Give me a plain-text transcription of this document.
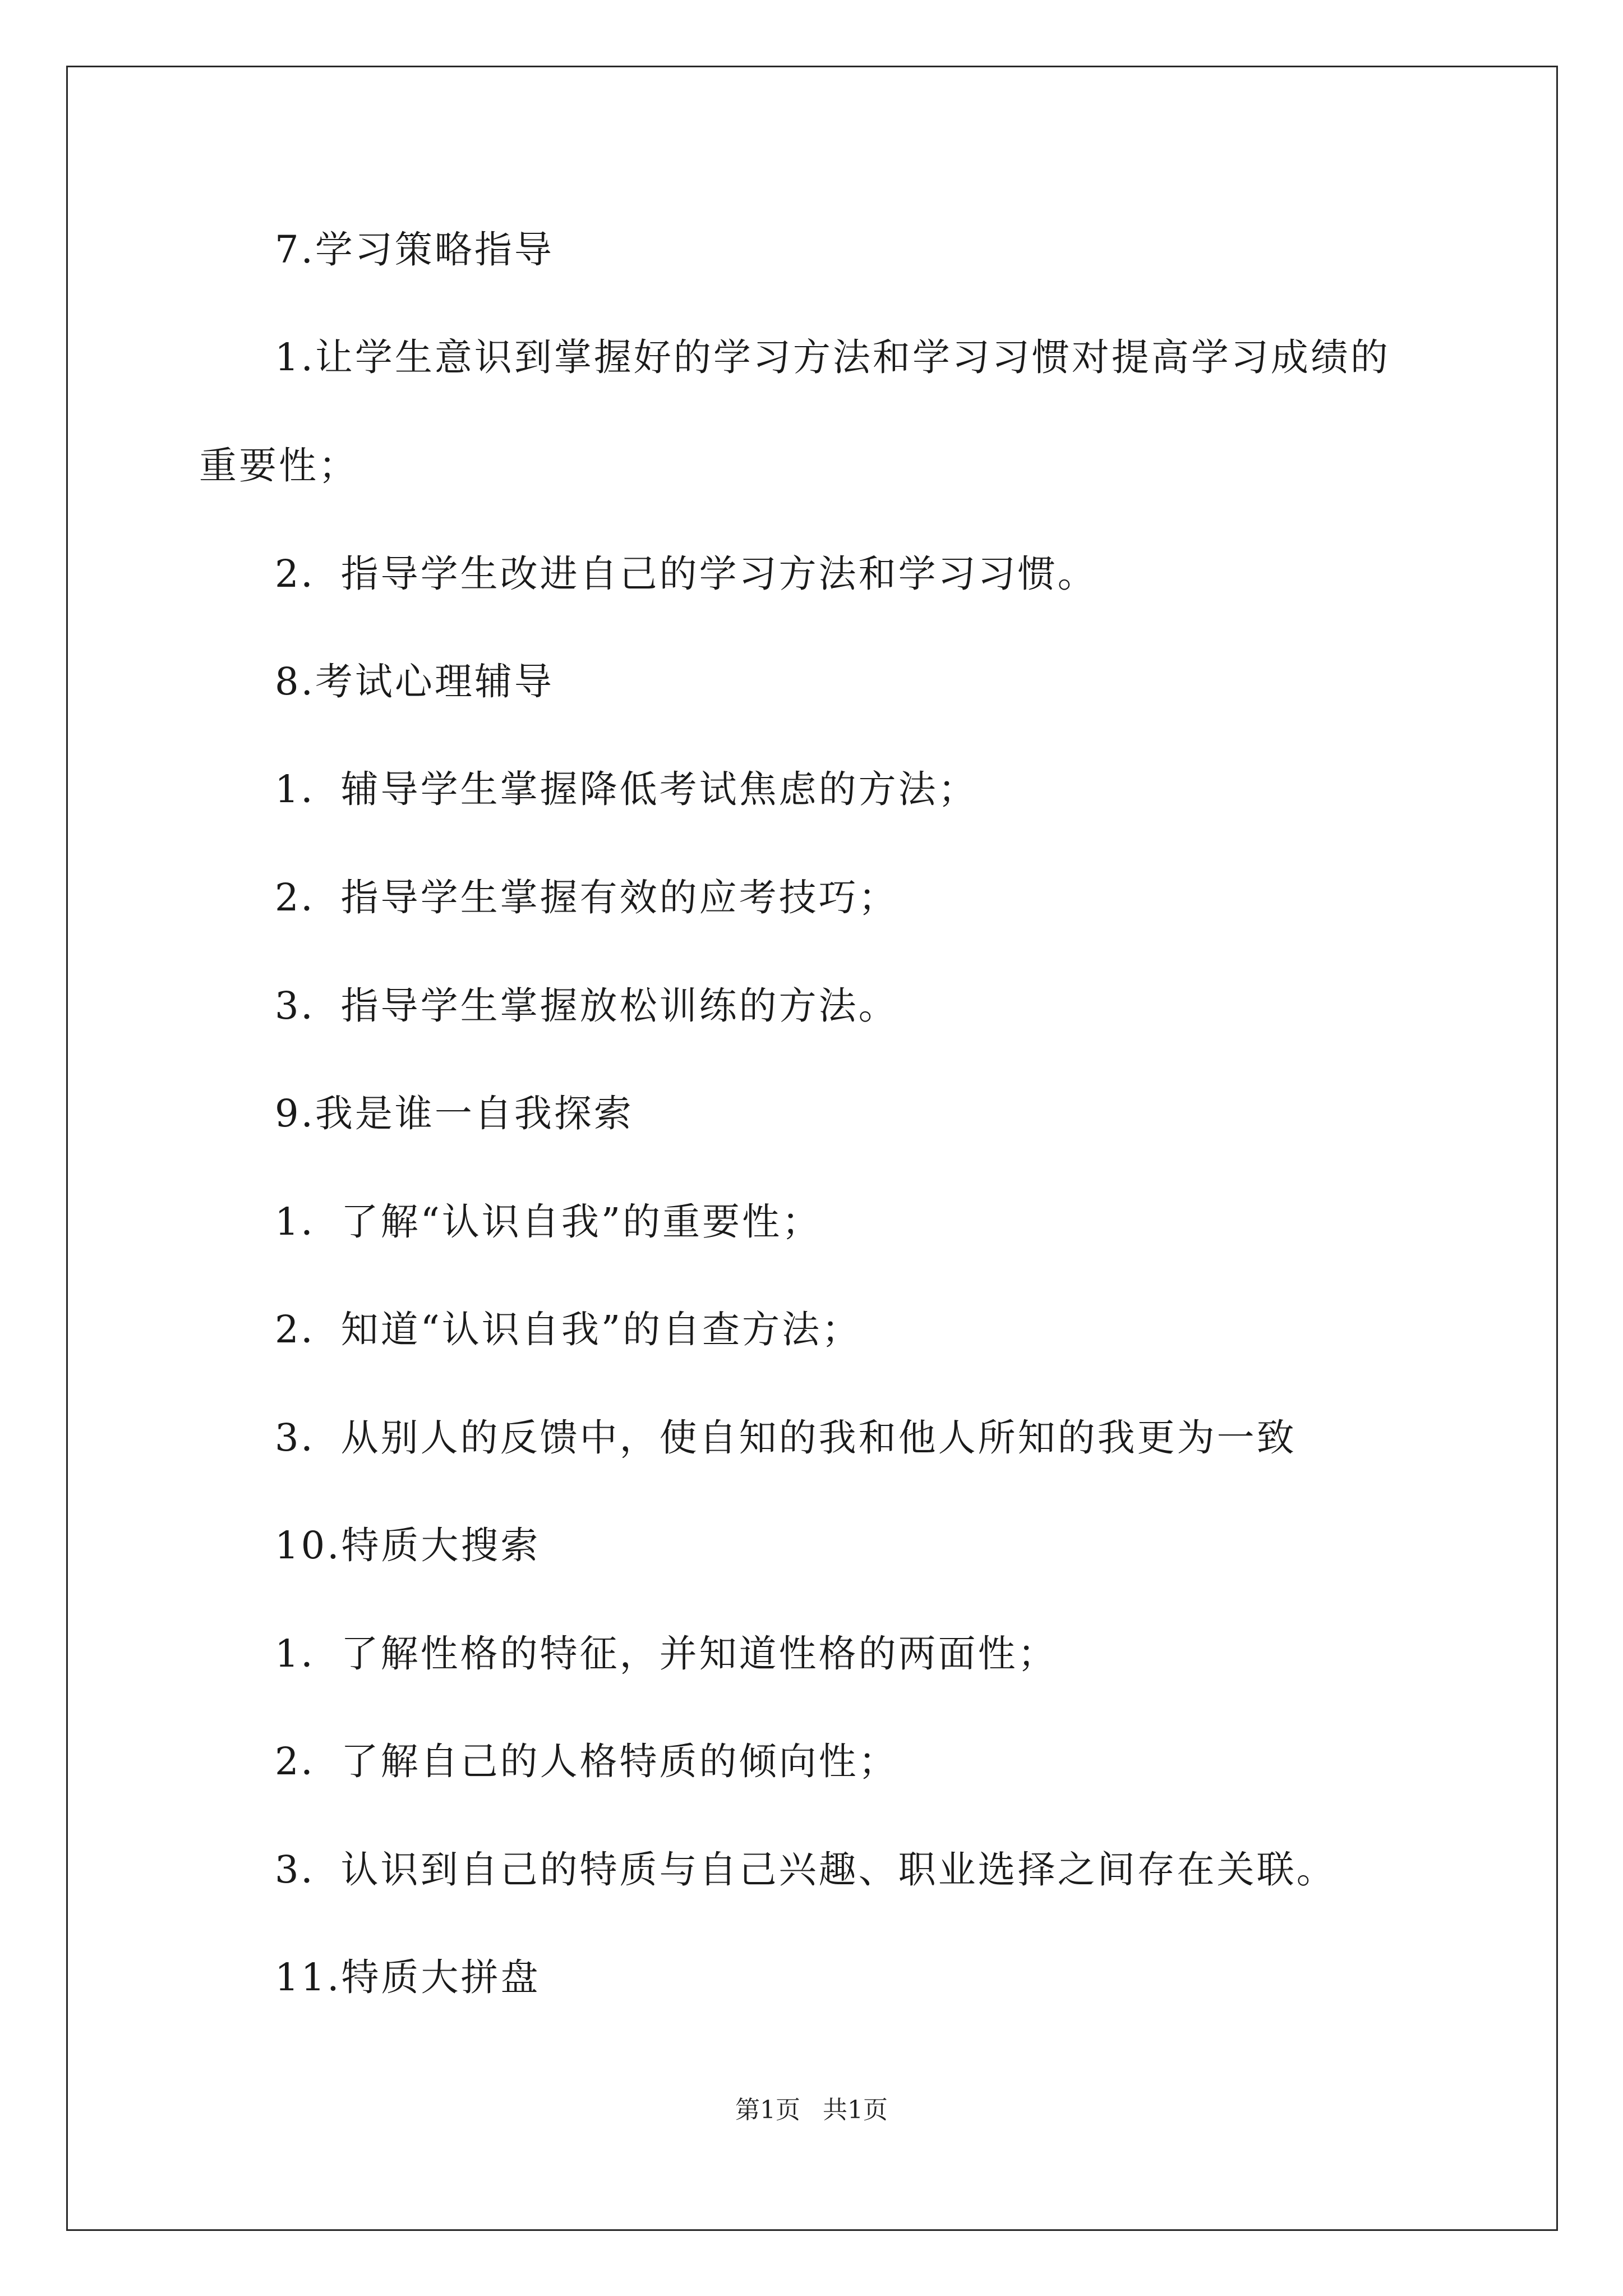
7.学习策略指导
1.让学生意识到掌握好的学习方法和学习习惯对提高学习成绩的
重要性；
2．指导学生改进自己的学习方法和学习习惯。
8.考试心理辅导
1．辅导学生掌握降低考试焦虑的方法；
2．指导学生掌握有效的应考技巧；
3．指导学生掌握放松训练的方法。
9.我是谁一自我探索
1．了解“认识自我”的重要性；
2．知道“认识自我”的自查方法；
3．从别人的反馈中，使自知的我和他人所知的我更为一致
10.特质大搜索
1．了解性格的特征，并知道性格的两面性；
2．了解自己的人格特质的倾向性；
3．认识到自己的特质与自己兴趣、职业选择之间存在关联。
11.特质大拼盘
第1页 共1页
